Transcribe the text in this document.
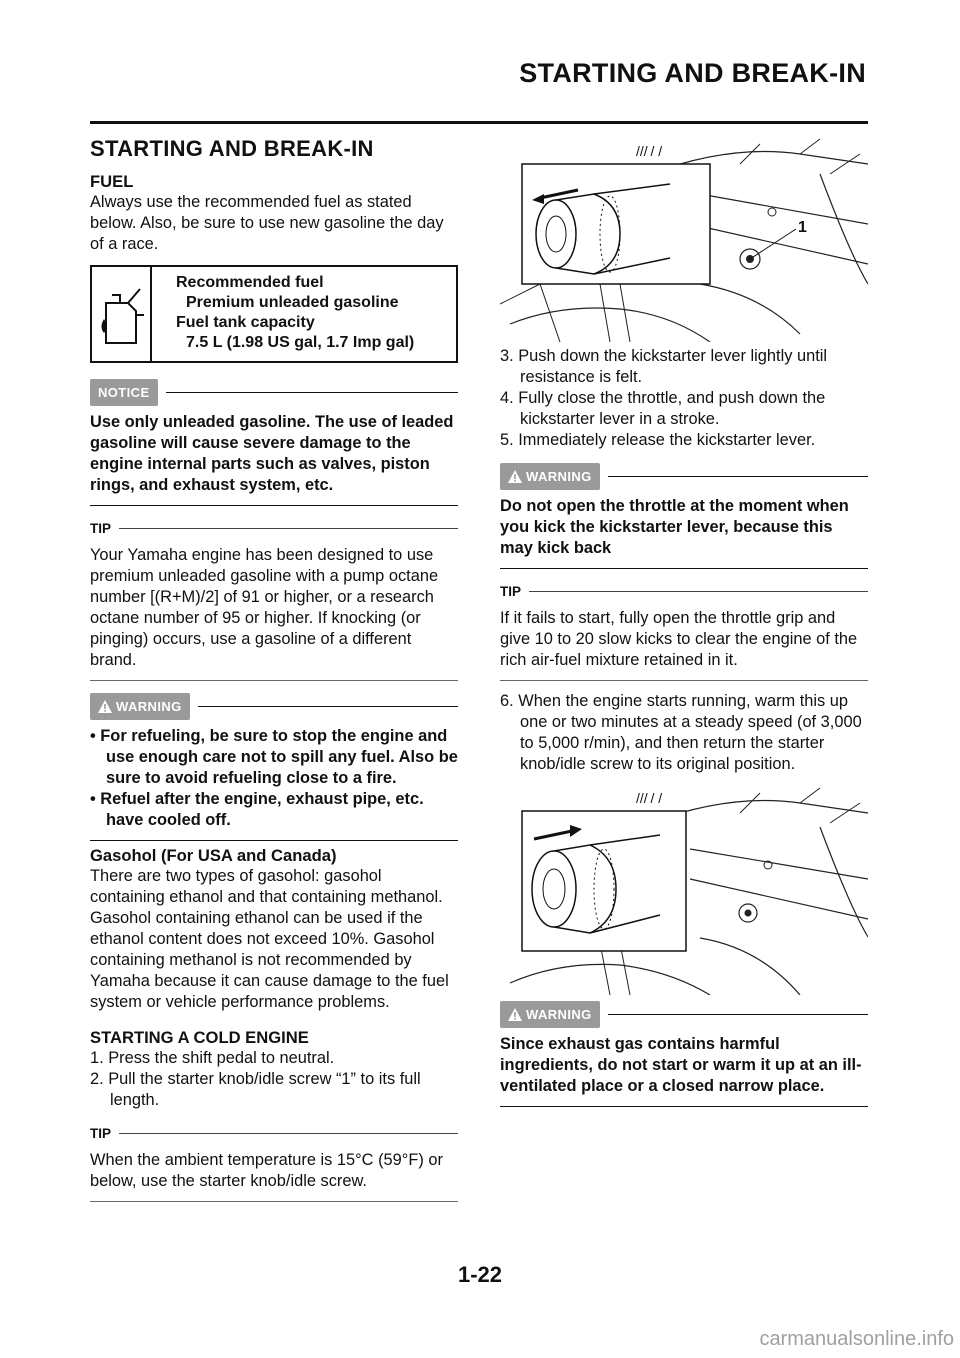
STARTING AND BREAK-IN
STARTING AND BREAK-IN

FUEL

Always use the recommended fuel as stated below. Also, be sure to use new gasoline the day of a race.

Recommended fuel
Premium unleaded gasoline
Fuel tank capacity
7.5 L (1.98 US gal, 1.7 Imp gal)
NOTICE

Use only unleaded gasoline. The use of leaded gasoline will cause severe damage to the engine internal parts such as valves, piston rings, and exhaust system, etc.

TIP

Your Yamaha engine has been designed to use premium unleaded gasoline with a pump octane number [(R+M)/2] of 91 or higher, or a research octane number of 95 or higher. If knocking (or pinging) occurs, use a gasoline of a different brand.

WARNING

• For refueling, be sure to stop the engine and use enough care not to spill any fuel. Also be sure to avoid refueling close to a fire.

• Refuel after the engine, exhaust pipe, etc. have cooled off.

Gasohol (For USA and Canada)

There are two types of gasohol: gasohol containing ethanol and that containing methanol. Gasohol containing ethanol can be used if the ethanol content does not exceed 10%. Gasohol containing methanol is not recommended by Yamaha because it can cause damage to the fuel system or vehicle performance problems.

STARTING A COLD ENGINE

1. Press the shift pedal to neutral.

2. Pull the starter knob/idle screw “1” to its full length.

TIP

When the ambient temperature is 15°C (59°F) or below, use the starter knob/idle screw.

/// / /
1

3. Push down the kickstarter lever lightly until resistance is felt.

4. Fully close the throttle, and push down the kickstarter lever in a stroke.

5. Immediately release the kickstarter lever.

WARNING

Do not open the throttle at the moment when you kick the kickstarter lever, because this may kick back

TIP

If it fails to start, fully open the throttle grip and give 10 to 20 slow kicks to clear the engine of the rich air-fuel mixture retained in it.

6. When the engine starts running, warm this up one or two minutes at a steady speed (of 3,000 to 5,000 r/min), and then return the starter knob/idle screw to its original position.

/// / /
WARNING

Since exhaust gas contains harmful ingredients, do not start or warm it up at an ill-ventilated place or a closed narrow place.

1-22
carmanualsonline.info
